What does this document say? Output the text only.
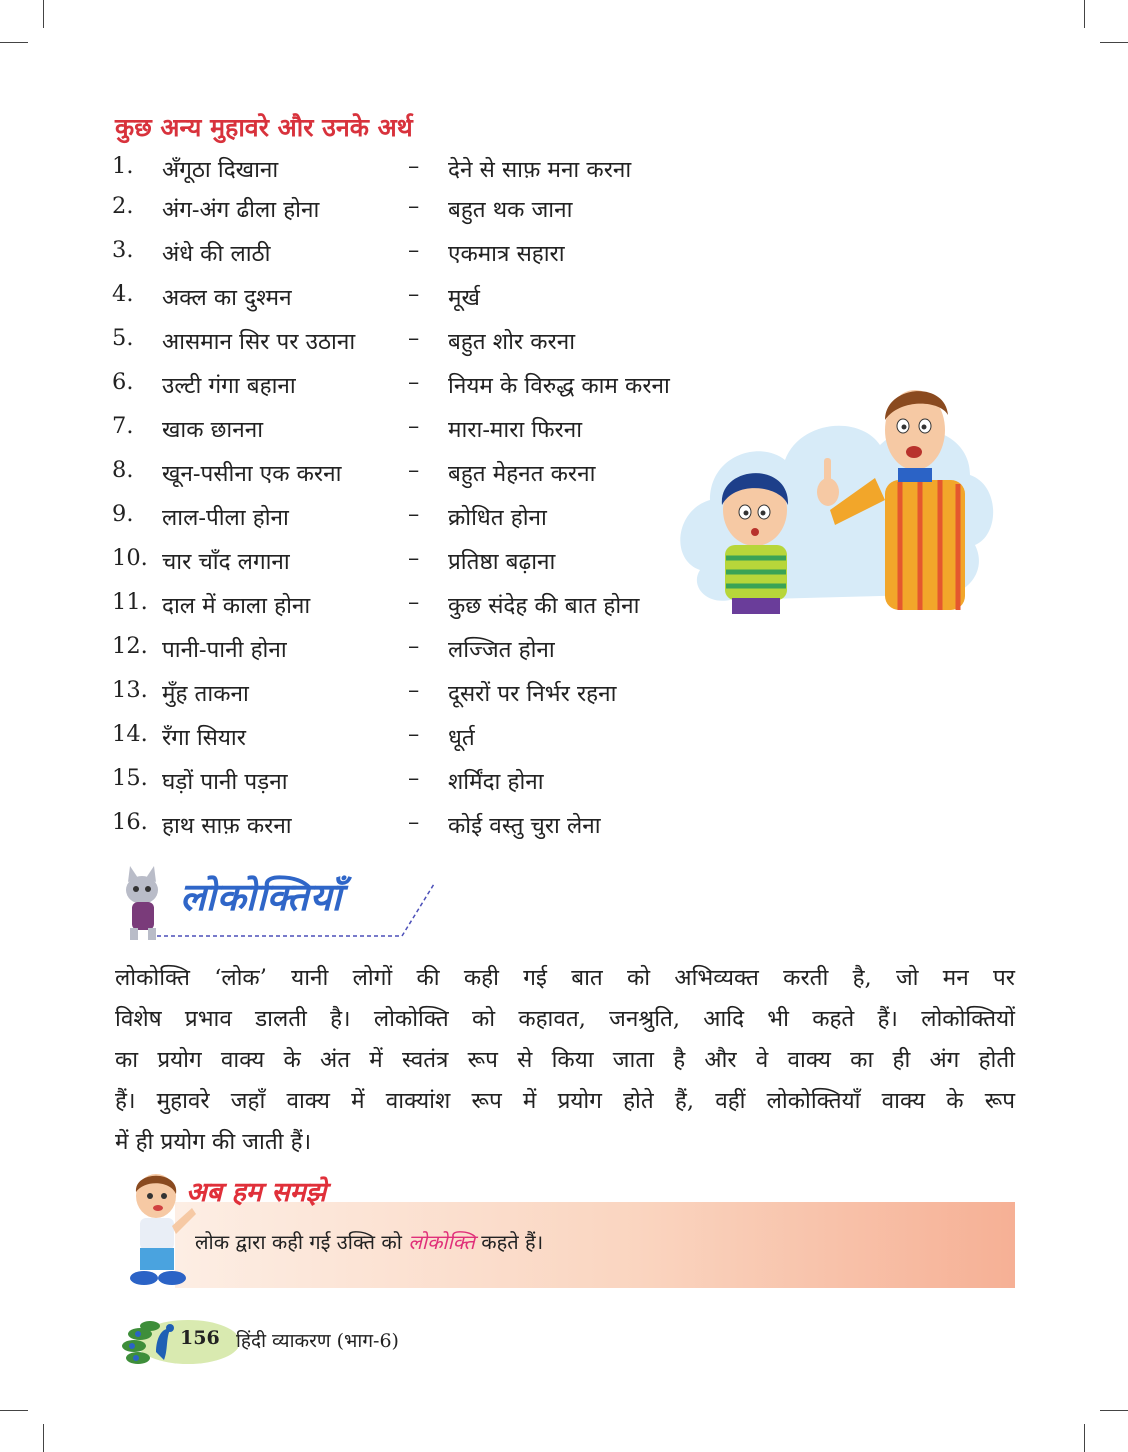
कुछ अन्य मुहावरे और उनके अर्थ
1.	अँगूठा दिखाना	– देने से साफ़ मना करना
2.	अंग-अंग ढीला होना	– बहुत थक जाना
3.	अंधे की लाठी	– एकमात्र सहारा
4.	अक्ल का दुश्मन	– मूर्ख
5.	आसमान सिर पर उठाना – बहुत शोर करना
6.	उल्टी गंगा बहाना	– नियम के विरुद्ध काम करना
7.	खाक छानना	– मारा-मारा फिरना
8.	खून-पसीना एक करना	– बहुत मेहनत करना
9.	लाल-पीला होना	– क्रोधित होना
10. चार चाँद लगाना	– प्रतिष्ठा बढ़ाना
11. दाल में काला होना	– कुछ संदेह की बात होना
12. पानी-पानी होना	– लज्जित होना
13. मुँह ताकना	– दूसरों पर निर्भर रहना
14. रँगा सियार	– धूर्त
15. घड़ों पानी पड़ना	– शर्मिंदा होना
16. हाथ साफ़ करना	– कोई वस्तु चुरा लेना
लोकोक्तियाँ
लोकोक्ति ‘लोक’ यानी लोगों की कही गई बात को अभिव्यक्त करती है, जो मन पर
विशेष प्रभाव डालती है। लोकोक्ति को कहावत, जनश्रुति, आदि भी कहते हैं। लोकोक्तियों
का प्रयोग वाक्य के अंत में स्वतंत्र रूप से किया जाता है और वे वाक्य का ही अंग होती
हैं। मुहावरे जहाँ वाक्य में वाक्यांश रूप में प्रयोग होते हैं, वहीं लोकोक्तियाँ वाक्य के रूप
में ही प्रयोग की जाती हैं।
अब हम समझे
लोक द्वारा कही गई उक्ति को लोकोक्ति कहते हैं।
156 हिंदी व्याकरण (भाग-6)
